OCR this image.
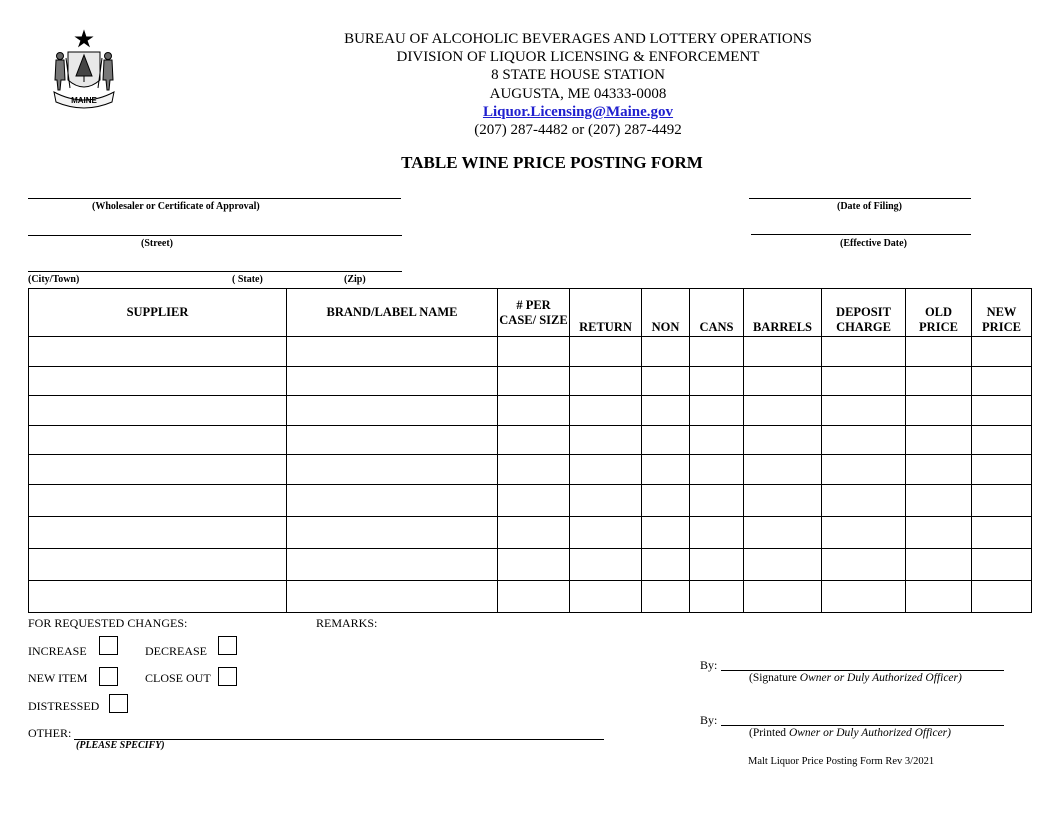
MAINE
BUREAU OF ALCOHOLIC BEVERAGES AND LOTTERY OPERATIONS
DIVISION OF LIQUOR LICENSING & ENFORCEMENT
8 STATE HOUSE STATION
AUGUSTA, ME 04333-0008
Liquor.Licensing@Maine.gov
(207) 287-4482 or (207) 287-4492
TABLE WINE PRICE POSTING FORM
(Wholesaler or Certificate of Approval)
(Street)
(City/Town)	( State)	(Zip)
(Date of Filing)
(Effective Date)
SUPPLIER	BRAND/LABEL NAME	# PER CASE/ SIZE	RETURN	NON	CANS	BARRELS	DEPOSIT CHARGE	OLD PRICE	NEW PRICE

FOR REQUESTED CHANGES:	REMARKS:
INCREASE	DECREASE
NEW ITEM	CLOSE OUT
DISTRESSED
OTHER:
(PLEASE SPECIFY)
By:
(Signature Owner or Duly Authorized Officer)
By:
(Printed Owner or Duly Authorized Officer)
Malt Liquor Price Posting Form Rev 3/2021
